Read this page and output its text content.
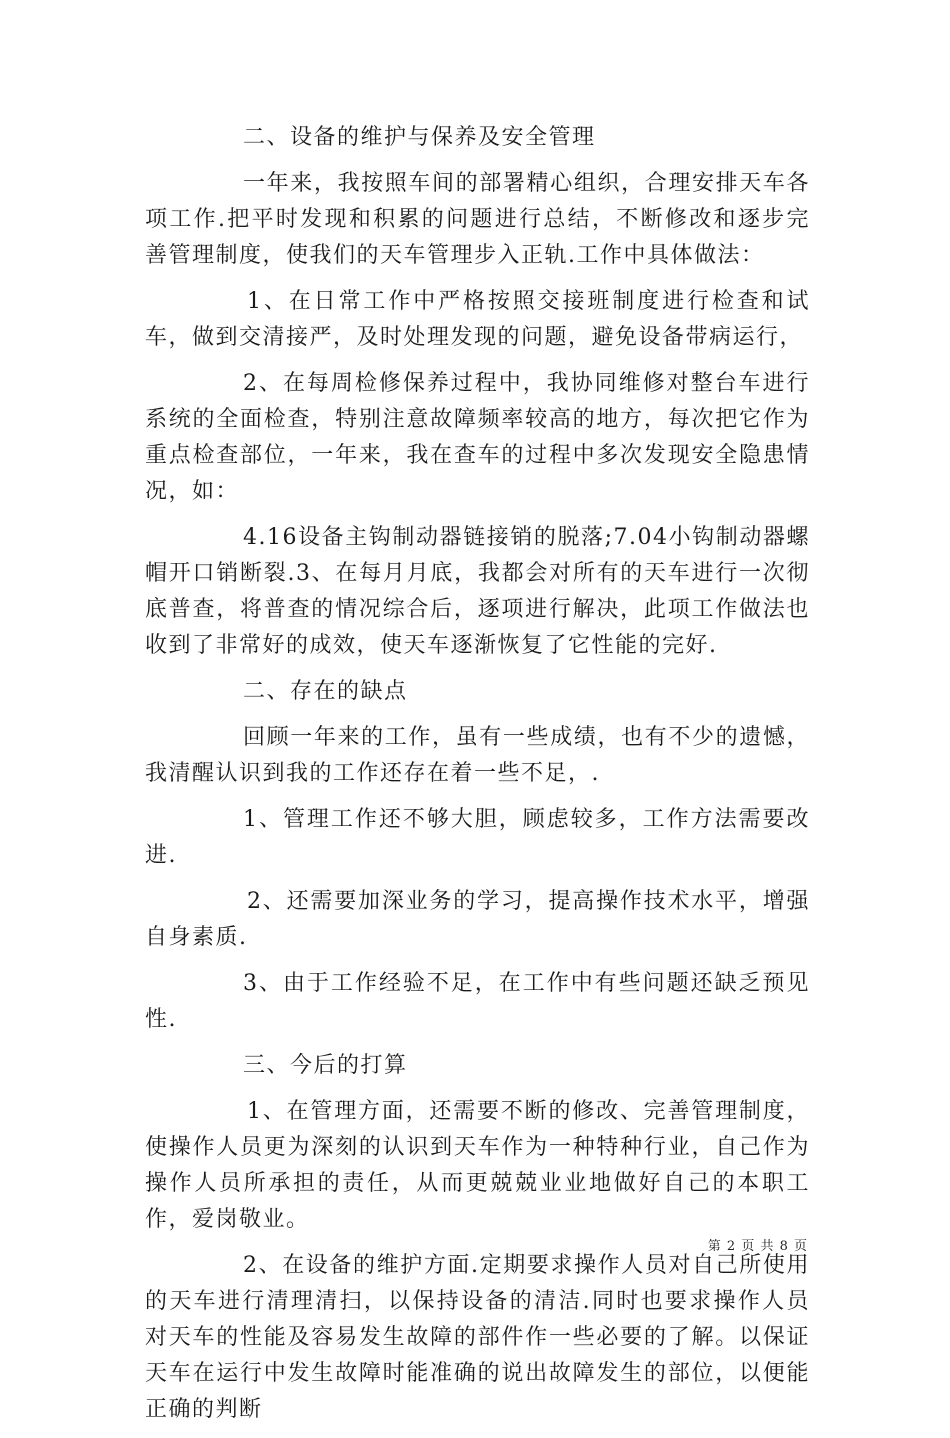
二、设备的维护与保养及安全管理

一年来，我按照车间的部署精心组织，合理安排天车各项工作.把平时发现和积累的问题进行总结，不断修改和逐步完善管理制度，使我们的天车管理步入正轨.工作中具体做法：

1、在日常工作中严格按照交接班制度进行检查和试车，做到交清接严，及时处理发现的问题，避免设备带病运行，

2、在每周检修保养过程中，我协同维修对整台车进行系统的全面检查，特别注意故障频率较高的地方，每次把它作为重点检查部位，一年来，我在查车的过程中多次发现安全隐患情况，如：

4.16设备主钩制动器链接销的脱落;7.04小钩制动器螺帽开口销断裂.3、在每月月底，我都会对所有的天车进行一次彻底普查，将普查的情况综合后，逐项进行解决，此项工作做法也收到了非常好的成效，使天车逐渐恢复了它性能的完好.

二、存在的缺点

回顾一年来的工作，虽有一些成绩，也有不少的遗憾，我清醒认识到我的工作还存在着一些不足，.

1、管理工作还不够大胆，顾虑较多，工作方法需要改进.

2、还需要加深业务的学习，提高操作技术水平，增强自身素质.

3、由于工作经验不足，在工作中有些问题还缺乏预见性.

三、今后的打算

1、在管理方面，还需要不断的修改、完善管理制度，使操作人员更为深刻的认识到天车作为一种特种行业，自己作为操作人员所承担的责任，从而更兢兢业业地做好自己的本职工作，爱岗敬业。

2、在设备的维护方面.定期要求操作人员对自己所使用的天车进行清理清扫，以保持设备的清洁.同时也要求操作人员对天车的性能及容易发生故障的部件作一些必要的了解。以保证天车在运行中发生故障时能准确的说出故障发生的部位，以便能正确的判断

第 2 页 共 8 页
